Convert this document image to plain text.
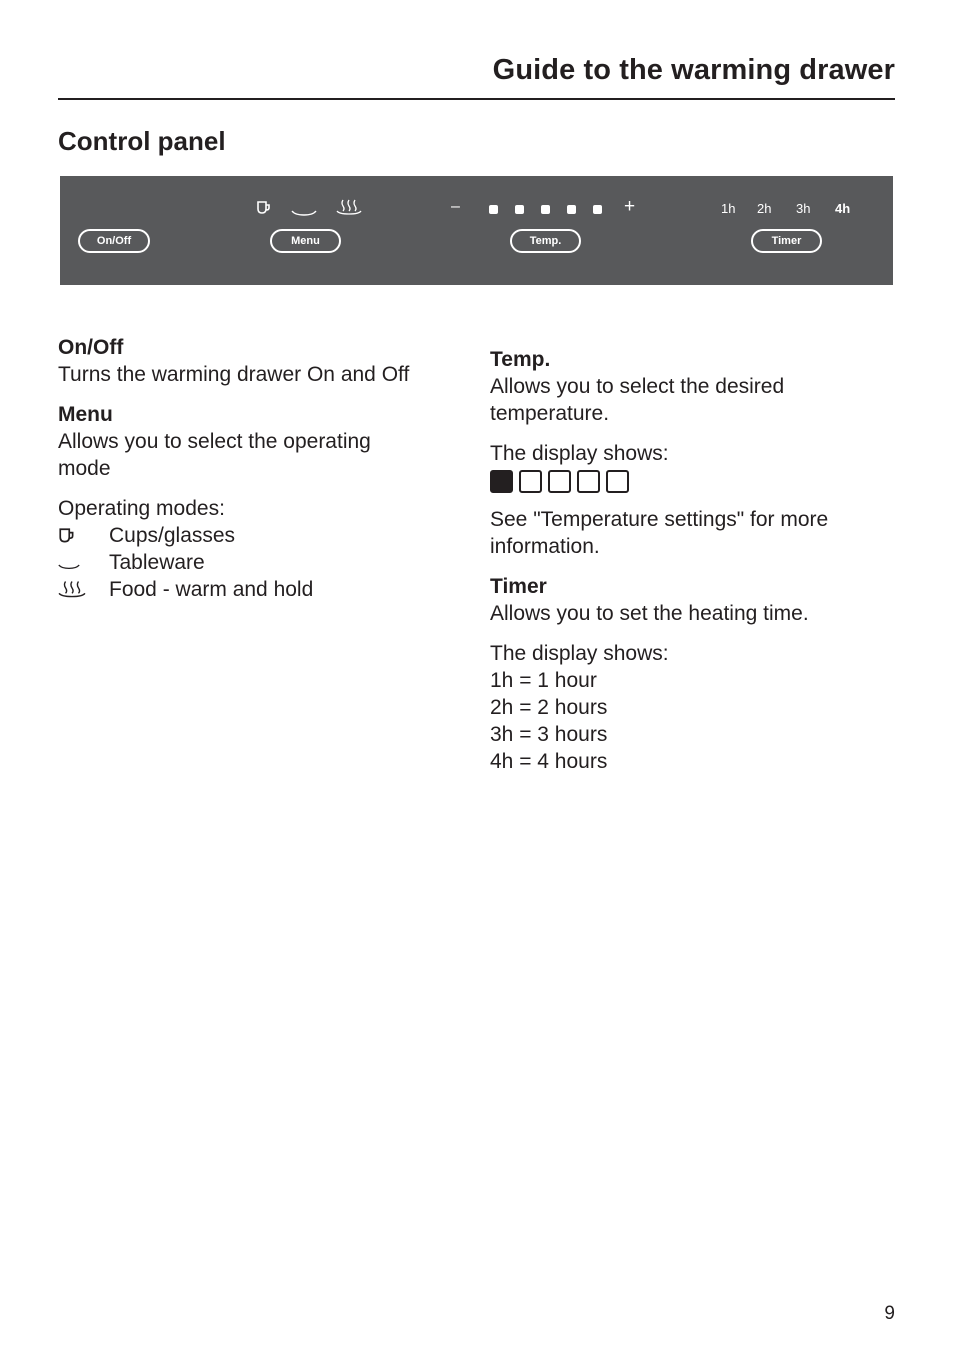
Guide to the warming drawer
Control panel
On/Off	Menu
–	+
Temp.
1h 2h 3h 4h
Timer
On/Off

Turns the warming drawer On and Off

Menu

Allows you to select the operating

mode

Operating modes:

Cups/glasses
Tableware
Food - warm and hold
Temp.

Allows you to select the desired

temperature.

The display shows:

See "Temperature settings" for more

information.

Timer

Allows you to set the heating time.

The display shows:

1h = 1 hour

2h = 2 hours

3h = 3 hours

4h = 4 hours

9
